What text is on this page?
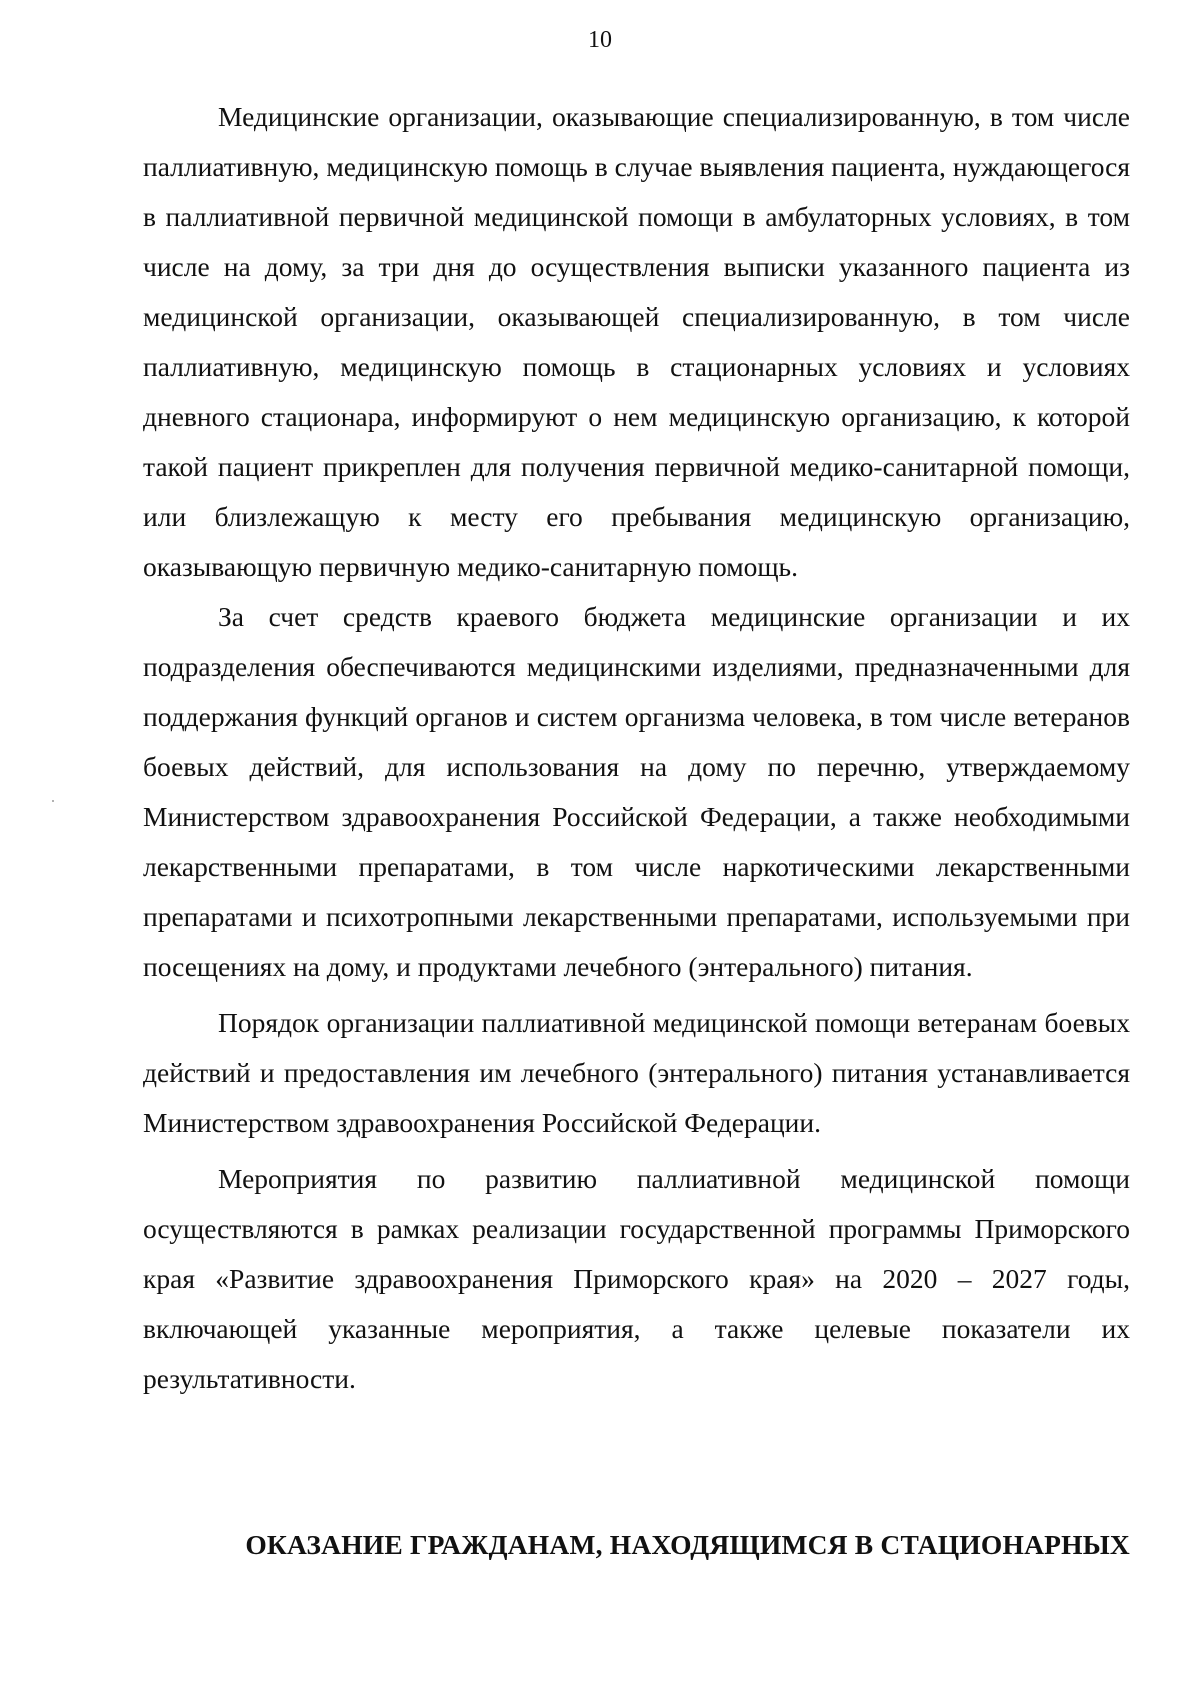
10

Медицинские организации, оказывающие специализированную, в том числе паллиативную, медицинскую помощь в случае выявления пациента, нуждающегося в паллиативной первичной медицинской помощи в амбулаторных условиях, в том числе на дому, за три дня до осуществления выписки указанного пациента из медицинской организации, оказывающей специализированную, в том числе паллиативную, медицинскую помощь в стационарных условиях и условиях дневного стационара, информируют о нем медицинскую организацию, к которой такой пациент прикреплен для получения первичной медико-санитарной помощи, или близлежащую к месту его пребывания медицинскую организацию, оказывающую первичную медико-санитарную помощь.

За счет средств краевого бюджета медицинские организации и их подразделения обеспечиваются медицинскими изделиями, предназначенными для поддержания функций органов и систем организма человека, в том числе ветеранов боевых действий, для использования на дому по перечню, утверждаемому Министерством здравоохранения Российской Федерации, а также необходимыми лекарственными препаратами, в том числе наркотическими лекарственными препаратами и психотропными лекарственными препаратами, используемыми при посещениях на дому, и продуктами лечебного (энтерального) питания.

Порядок организации паллиативной медицинской помощи ветеранам боевых действий и предоставления им лечебного (энтерального) питания устанавливается Министерством здравоохранения Российской Федерации.

Мероприятия по развитию паллиативной медицинской помощи осуществляются в рамках реализации государственной программы Приморского края «Развитие здравоохранения Приморского края» на 2020 – 2027 годы, включающей указанные мероприятия, а также целевые показатели их результативности.

ОКАЗАНИЕ ГРАЖДАНАМ, НАХОДЯЩИМСЯ В СТАЦИОНАРНЫХ
